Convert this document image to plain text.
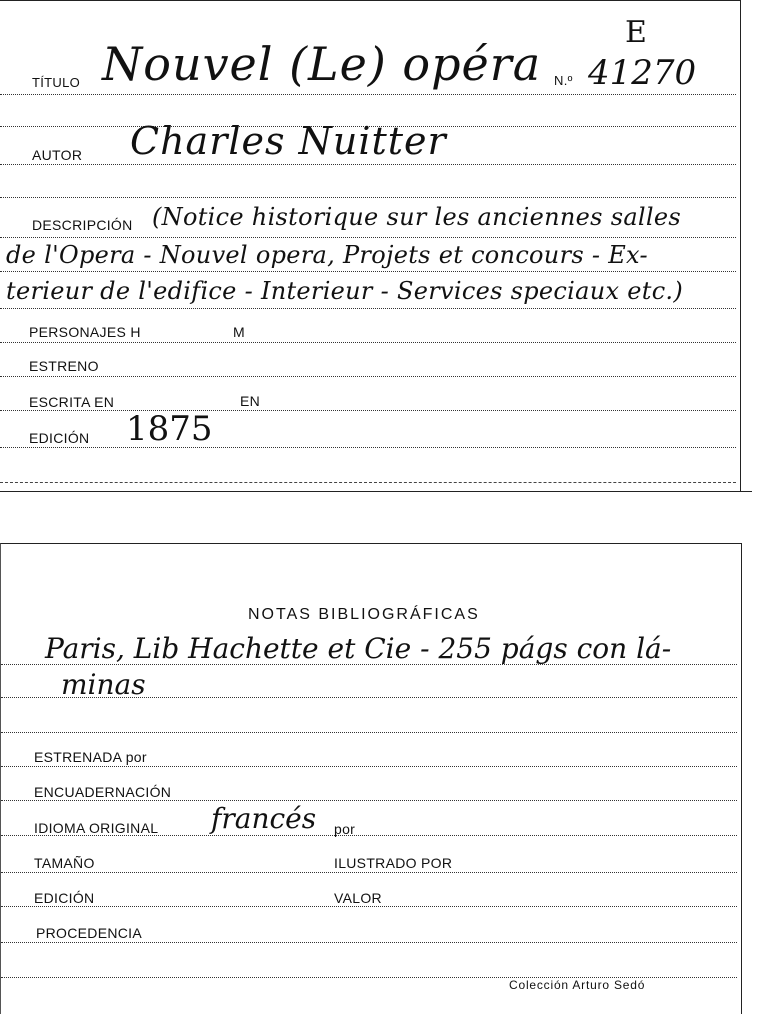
E
TÍTULO Nouvel (Le) opéra N.º 41270
AUTOR Charles Nuitter
DESCRIPCIÓN (Notice historique sur les anciennes salles
de l'Opera - Nouvel opera, Projets et concours - Ex-
terieur de l'edifice - Interieur - Services speciaux etc.)
PERSONAJES H	M
ESTRENO
ESCRITA EN	EN
EDICIÓN 1875
NOTAS BIBLIOGRÁFICAS
Paris, Lib Hachette et Cie - 255 págs con lá-
minas
ESTRENADA por
ENCUADERNACIÓN
IDIOMA ORIGINAL francés por
TAMAÑO	ILUSTRADO POR
EDICIÓN	VALOR
PROCEDENCIA
Colección Arturo Sedó
